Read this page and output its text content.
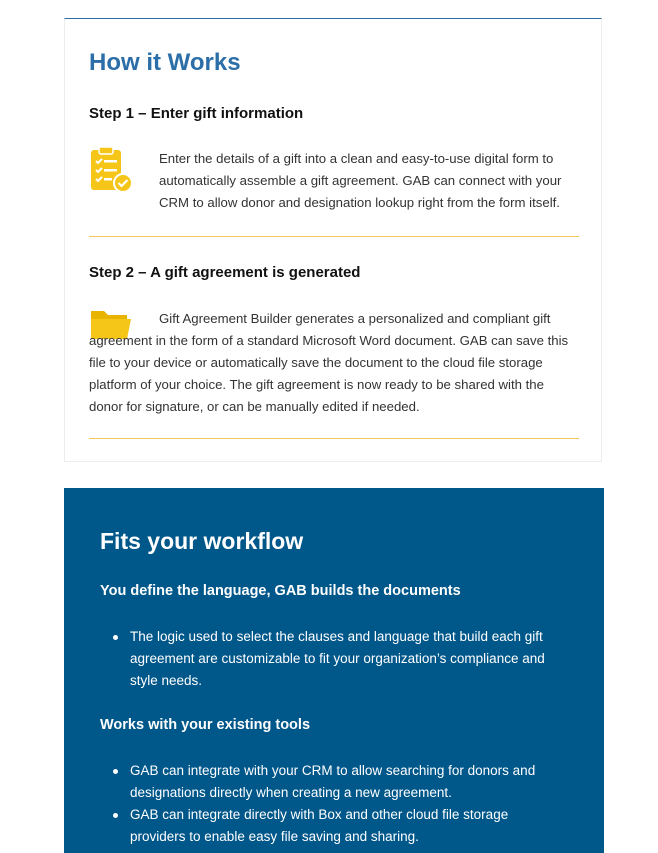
How it Works
Step 1 – Enter gift information
Enter the details of a gift into a clean and easy-to-use digital form to automatically assemble a gift agreement. GAB can connect with your CRM to allow donor and designation lookup right from the form itself.
Step 2 – A gift agreement is generated
Gift Agreement Builder generates a personalized and compliant gift agreement in the form of a standard Microsoft Word document. GAB can save this file to your device or automatically save the document to the cloud file storage platform of your choice. The gift agreement is now ready to be shared with the donor for signature, or can be manually edited if needed.
Fits your workflow
You define the language, GAB builds the documents
The logic used to select the clauses and language that build each gift agreement are customizable to fit your organization’s compliance and style needs.
Works with your existing tools
GAB can integrate with your CRM to allow searching for donors and designations directly when creating a new agreement.
GAB can integrate directly with Box and other cloud file storage providers to enable easy file saving and sharing.
